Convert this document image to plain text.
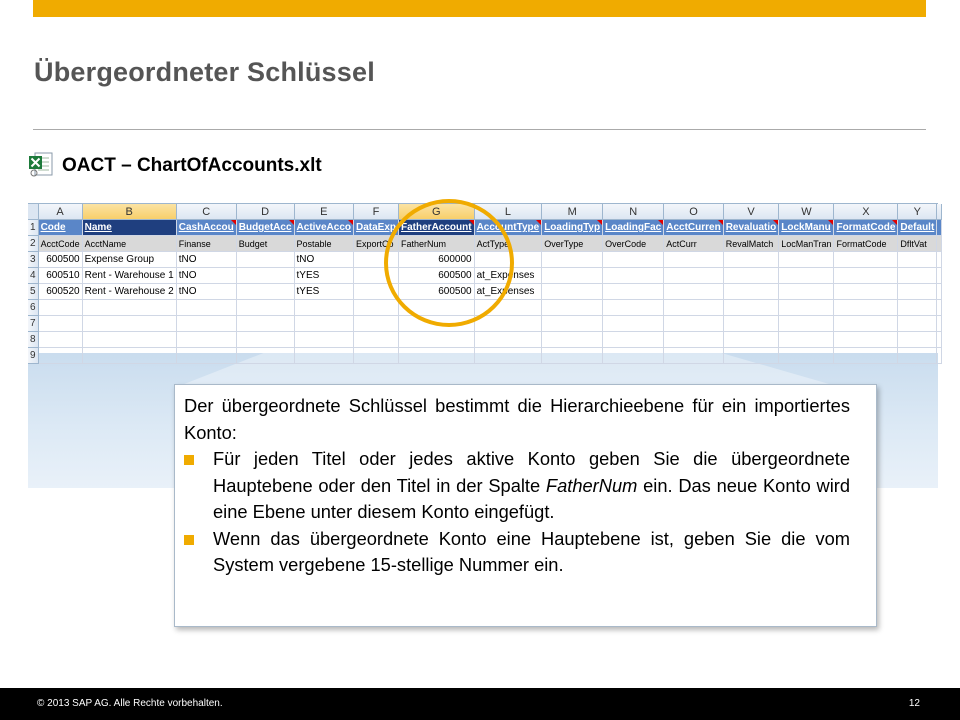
Übergeordneter Schlüssel
OACT – ChartOfAccounts.xlt
	A	B	C	D	E	F	G	L	M	N	O	V	W	X	Y	
1	Code	Name	CashAccou	BudgetAcc	ActiveAcco	DataExp	FatherAccount	AccountType	LoadingTyp	LoadingFac	AcctCurren	Revaluatio	LockManu	FormatCode	Default	
2	AcctCode	AcctName	Finanse	Budget	Postable	ExportCo	FatherNum	ActType	OverType	OverCode	ActCurr	RevalMatch	LocManTran	FormatCode	DfltVat	
3	600500	Expense Group	tNO		tNO		600000									
4	600510	Rent - Warehouse 1	tNO		tYES		600500	at_Expenses								
5	600520	Rent - Warehouse 2	tNO		tYES		600500	at_Expenses								
6																
7																
8																
9																

Der übergeordnete Schlüssel bestimmt die Hierarchieebene für ein importiertes Konto:

Für jeden Titel oder jedes aktive Konto geben Sie die übergeordnete Hauptebene oder den Titel in der Spalte FatherNum ein. Das neue Konto wird eine Ebene unter diesem Konto eingefügt.
Wenn das übergeordnete Konto eine Hauptebene ist, geben Sie die vom System vergebene 15-stellige Nummer ein.
© 2013 SAP AG. Alle Rechte vorbehalten.	12
